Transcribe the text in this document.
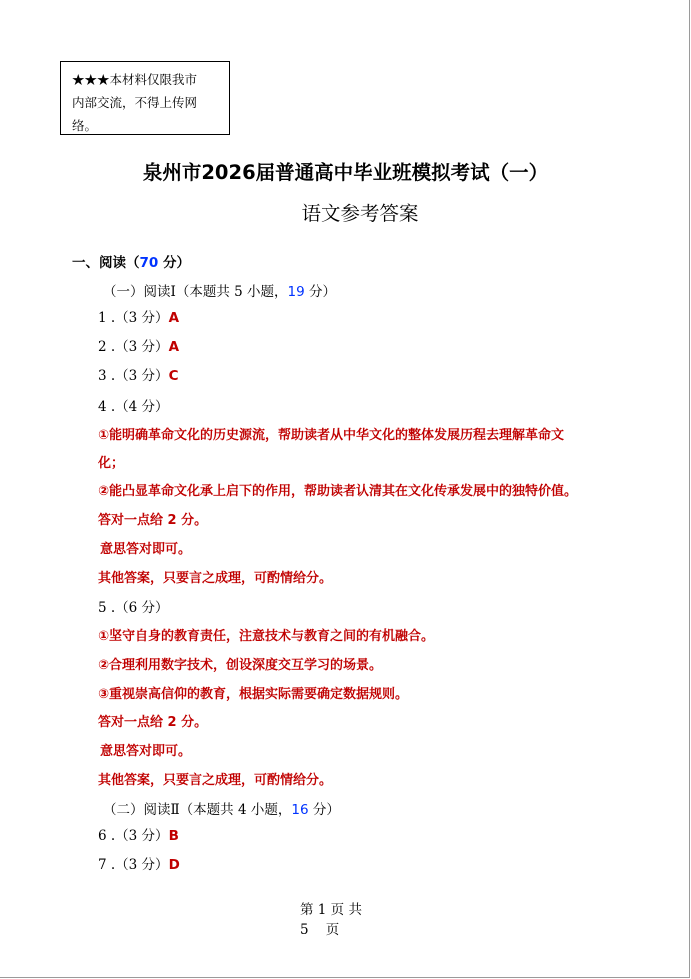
★★★本材料仅限我市
内部交流，不得上传网
络。
泉州市2026届普通高中毕业班模拟考试（一）
语文参考答案
一、阅读（70 分）
（一）阅读Ⅰ（本题共 5 小题，19 分）
1 .（3 分）A
2 .（3 分）A
3 .（3 分）C
4 .（4 分）
①能明确革命文化的历史源流，帮助读者从中华文化的整体发展历程去理解革命文
化；
②能凸显革命文化承上启下的作用，帮助读者认清其在文化传承发展中的独特价值。
答对一点给 2 分。
意思答对即可。
其他答案，只要言之成理，可酌情给分。
5 .（6 分）
①坚守自身的教育责任，注意技术与教育之间的有机融合。
②合理利用数字技术，创设深度交互学习的场景。
③重视崇高信仰的教育，根据实际需要确定数据规则。
答对一点给 2 分。
意思答对即可。
其他答案，只要言之成理，可酌情给分。
（二）阅读Ⅱ（本题共 4 小题，16 分）
6 .（3 分）B
7 .（3 分）D
第 1 页 共
5    页
